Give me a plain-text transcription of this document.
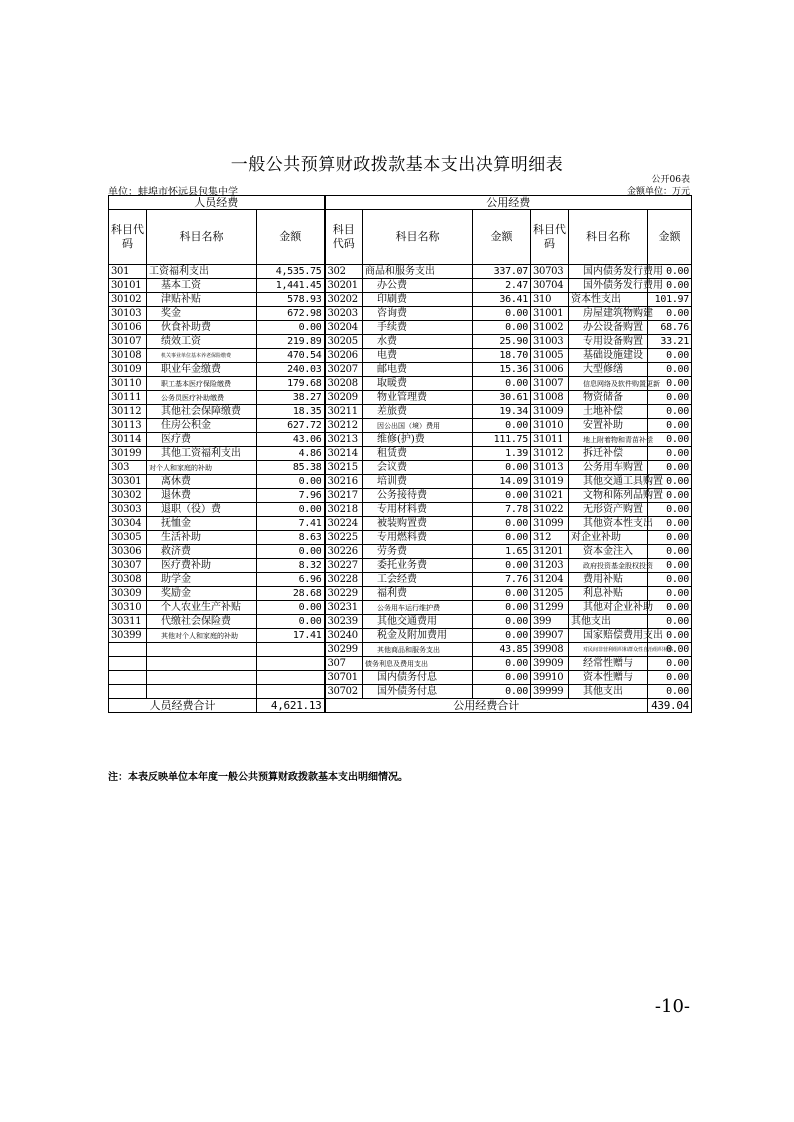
一般公共预算财政拨款基本支出决算明细表
公开06表
单位：蚌埠市怀远县包集中学	金额单位：万元
人员经费			公用经费					
科目代码	科目名称	金额	科目代码	科目名称	金额	科目代码	科目名称	金额
301	工资福利支出	4,535.75	302	商品和服务支出	337.07	30703	国内债务发行费用	0.00
30101	基本工资	1,441.45	30201	办公费	2.47	30704	国外债务发行费用	0.00
30102	津贴补贴	578.93	30202	印刷费	36.41	310	资本性支出	101.97
30103	奖金	672.98	30203	咨询费	0.00	31001	房屋建筑物购建	0.00
30106	伙食补助费	0.00	30204	手续费	0.00	31002	办公设备购置	68.76
30107	绩效工资	219.89	30205	水费	25.90	31003	专用设备购置	33.21
30108	机关事业单位基本养老保险缴费	470.54	30206	电费	18.70	31005	基础设施建设	0.00
30109	职业年金缴费	240.03	30207	邮电费	15.36	31006	大型修缮	0.00
30110	职工基本医疗保险缴费	179.68	30208	取暖费	0.00	31007	信息网络及软件购置更新	0.00
30111	公务员医疗补助缴费	38.27	30209	物业管理费	30.61	31008	物资储备	0.00
30112	其他社会保障缴费	18.35	30211	差旅费	19.34	31009	土地补偿	0.00
30113	住房公积金	627.72	30212	因公出国（境）费用	0.00	31010	安置补助	0.00
30114	医疗费	43.06	30213	维修(护)费	111.75	31011	地上附着物和青苗补偿	0.00
30199	其他工资福利支出	4.86	30214	租赁费	1.39	31012	拆迁补偿	0.00
303	对个人和家庭的补助	85.38	30215	会议费	0.00	31013	公务用车购置	0.00
30301	离休费	0.00	30216	培训费	14.09	31019	其他交通工具购置	0.00
30302	退休费	7.96	30217	公务接待费	0.00	31021	文物和陈列品购置	0.00
30303	退职（役）费	0.00	30218	专用材料费	7.78	31022	无形资产购置	0.00
30304	抚恤金	7.41	30224	被装购置费	0.00	31099	其他资本性支出	0.00
30305	生活补助	8.63	30225	专用燃料费	0.00	312	对企业补助	0.00
30306	救济费	0.00	30226	劳务费	1.65	31201	资本金注入	0.00
30307	医疗费补助	8.32	30227	委托业务费	0.00	31203	政府投资基金股权投资	0.00
30308	助学金	6.96	30228	工会经费	7.76	31204	费用补贴	0.00
30309	奖励金	28.68	30229	福利费	0.00	31205	利息补贴	0.00
30310	个人农业生产补贴	0.00	30231	公务用车运行维护费	0.00	31299	其他对企业补助	0.00
30311	代缴社会保险费	0.00	30239	其他交通费用	0.00	399	其他支出	0.00
30399	其他对个人和家庭的补助	17.41	30240	税金及附加费用	0.00	39907	国家赔偿费用支出	0.00
			30299	其他商品和服务支出	43.85	39908	对民间非营利组织和群众性自治组织补贴	0.00
			307	债务利息及费用支出	0.00	39909	经常性赠与	0.00
			30701	国内债务付息	0.00	39910	资本性赠与	0.00
			30702	国外债务付息	0.00	39999	其他支出	0.00
人员经费合计		4,621.13	公用经费合计					439.04
注：本表反映单位本年度一般公共预算财政拨款基本支出明细情况。
-10-
